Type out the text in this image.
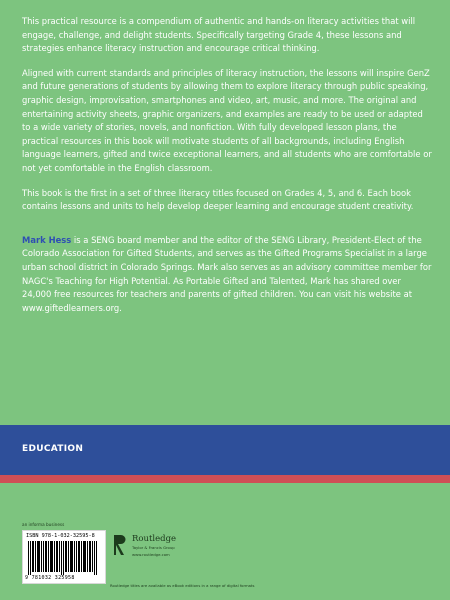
This practical resource is a compendium of authentic and hands-on literacy activities that will engage, challenge, and delight students. Specifically targeting Grade 4, these lessons and strategies enhance literacy instruction and encourage critical thinking.

Aligned with current standards and principles of literacy instruction, the lessons will inspire GenZ and future generations of students by allowing them to explore literacy through public speaking, graphic design, improvisation, smartphones and video, art, music, and more. The original and entertaining activity sheets, graphic organizers, and examples are ready to be used or adapted to a wide variety of stories, novels, and nonfiction. With fully developed lesson plans, the practical resources in this book will motivate students of all backgrounds, including English language learners, gifted and twice exceptional learners, and all students who are comfortable or not yet comfortable in the English classroom.

This book is the first in a set of three literacy titles focused on Grades 4, 5, and 6. Each book contains lessons and units to help develop deeper learning and encourage student creativity.

Mark Hess is a SENG board member and the editor of the SENG Library, President-Elect of the Colorado Association for Gifted Students, and serves as the Gifted Programs Specialist in a large urban school district in Colorado Springs. Mark also serves as an advisory committee member for NAGC's Teaching for High Potential. As Portable Gifted and Talented, Mark has shared over 24,000 free resources for teachers and parents of gifted children. You can visit his website at www.giftedlearners.org.

EDUCATION
an informa business
ISBN 978-1-032-32595-8
9 781032 325958
Routledge
Taylor & Francis Group
www.routledge.com
Routledge titles are available as eBook editions in a range of digital formats
